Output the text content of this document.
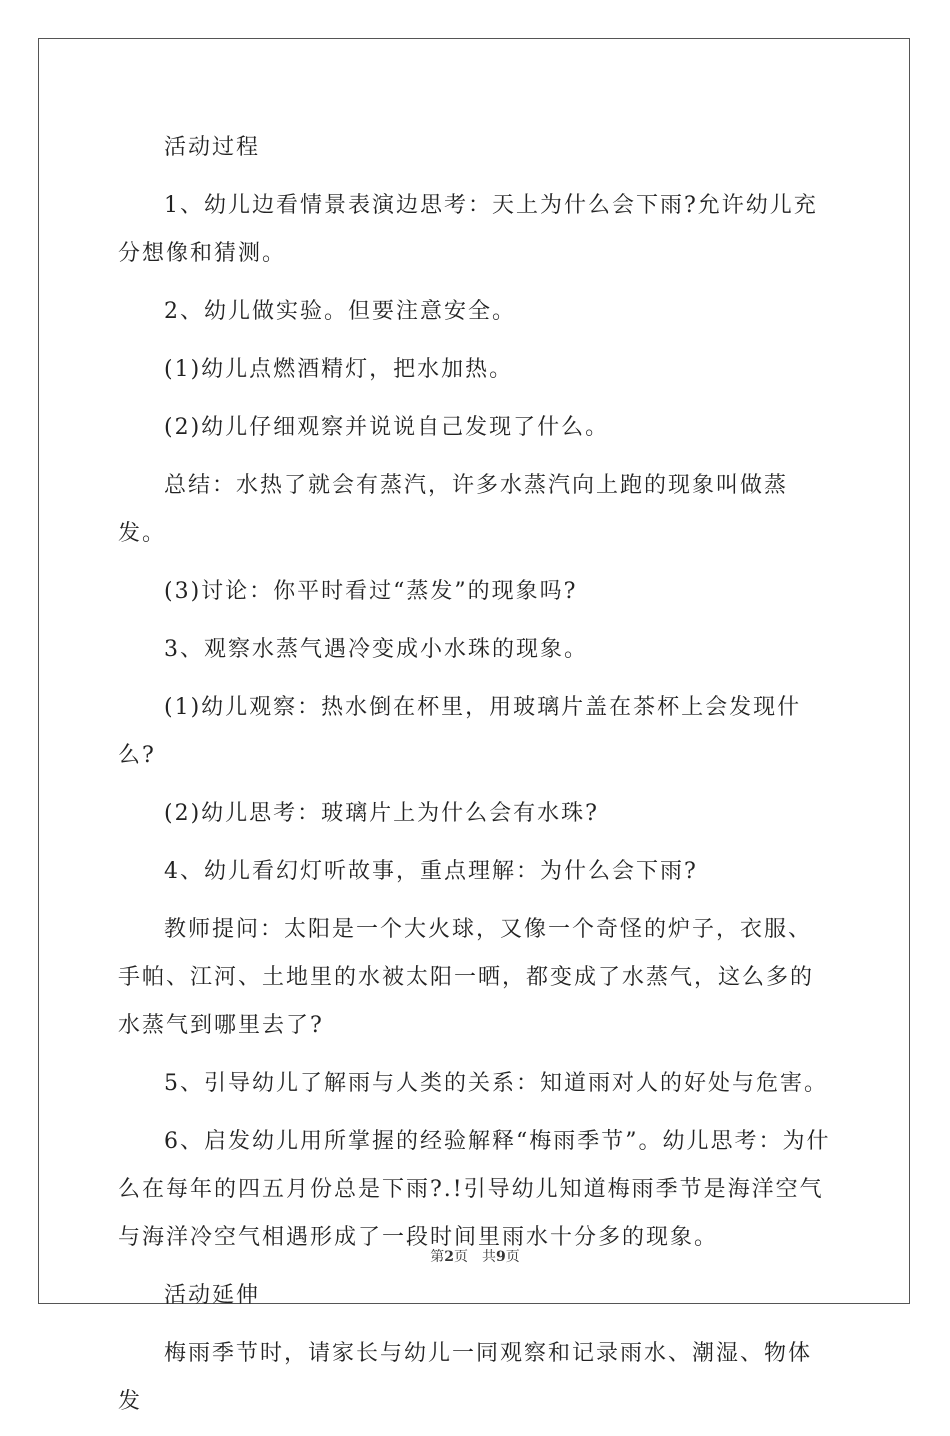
活动过程

1、幼儿边看情景表演边思考：天上为什么会下雨?允许幼儿充分想像和猜测。

2、幼儿做实验。但要注意安全。

(1)幼儿点燃酒精灯，把水加热。

(2)幼儿仔细观察并说说自己发现了什么。

总结：水热了就会有蒸汽，许多水蒸汽向上跑的现象叫做蒸发。

(3)讨论：你平时看过“蒸发”的现象吗?

3、观察水蒸气遇冷变成小水珠的现象。

(1)幼儿观察：热水倒在杯里，用玻璃片盖在茶杯上会发现什么?

(2)幼儿思考：玻璃片上为什么会有水珠?

4、幼儿看幻灯听故事，重点理解：为什么会下雨?

教师提问：太阳是一个大火球，又像一个奇怪的炉子，衣服、手帕、江河、土地里的水被太阳一晒，都变成了水蒸气，这么多的水蒸气到哪里去了?

5、引导幼儿了解雨与人类的关系：知道雨对人的好处与危害。

6、启发幼儿用所掌握的经验解释“梅雨季节”。幼儿思考：为什么在每年的四五月份总是下雨?.!引导幼儿知道梅雨季节是海洋空气与海洋冷空气相遇形成了一段时间里雨水十分多的现象。

活动延伸

梅雨季节时，请家长与幼儿一同观察和记录雨水、潮湿、物体发

第2页　共9页
